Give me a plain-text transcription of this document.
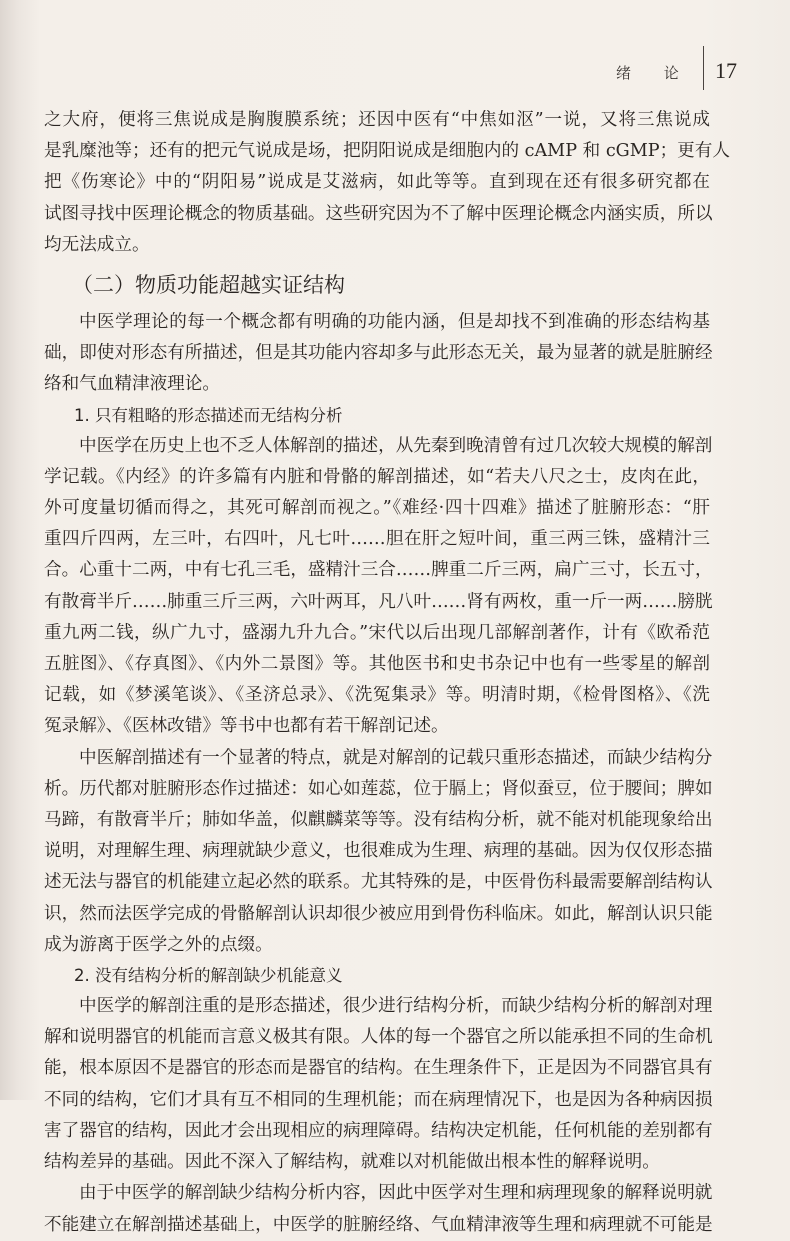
绪 论 17

之大府，便将三焦说成是胸腹膜系统；还因中医有“中焦如沤”一说，又将三焦说成
是乳糜池等；还有的把元气说成是场，把阴阳说成是细胞内的 cAMP 和 cGMP；更有人
把《伤寒论》中的“阴阳易”说成是艾滋病，如此等等。直到现在还有很多研究都在
试图寻找中医理论概念的物质基础。这些研究因为不了解中医理论概念内涵实质，所以
均无法成立。

（二）物质功能超越实证结构

中医学理论的每一个概念都有明确的功能内涵，但是却找不到准确的形态结构基
础，即使对形态有所描述，但是其功能内容却多与此形态无关，最为显著的就是脏腑经
络和气血精津液理论。

1. 只有粗略的形态描述而无结构分析

中医学在历史上也不乏人体解剖的描述，从先秦到晚清曾有过几次较大规模的解剖
学记载。《内经》的许多篇有内脏和骨骼的解剖描述，如“若夫八尺之士，皮肉在此，
外可度量切循而得之，其死可解剖而视之。”《难经·四十四难》描述了脏腑形态：“肝
重四斤四两，左三叶，右四叶，凡七叶……胆在肝之短叶间，重三两三铢，盛精汁三
合。心重十二两，中有七孔三毛，盛精汁三合……脾重二斤三两，扁广三寸，长五寸，
有散膏半斤……肺重三斤三两，六叶两耳，凡八叶……肾有两枚，重一斤一两……膀胱
重九两二钱，纵广九寸，盛溺九升九合。”宋代以后出现几部解剖著作，计有《欧希范
五脏图》、《存真图》、《内外二景图》等。其他医书和史书杂记中也有一些零星的解剖
记载，如《梦溪笔谈》、《圣济总录》、《洗冤集录》等。明清时期，《检骨图格》、《洗
冤录解》、《医林改错》等书中也都有若干解剖记述。

中医解剖描述有一个显著的特点，就是对解剖的记载只重形态描述，而缺少结构分
析。历代都对脏腑形态作过描述：如心如莲蕊，位于膈上；肾似蚕豆，位于腰间；脾如
马蹄，有散膏半斤；肺如华盖，似麒麟菜等等。没有结构分析，就不能对机能现象给出
说明，对理解生理、病理就缺少意义，也很难成为生理、病理的基础。因为仅仅形态描
述无法与器官的机能建立起必然的联系。尤其特殊的是，中医骨伤科最需要解剖结构认
识，然而法医学完成的骨骼解剖认识却很少被应用到骨伤科临床。如此，解剖认识只能
成为游离于医学之外的点缀。

2. 没有结构分析的解剖缺少机能意义

中医学的解剖注重的是形态描述，很少进行结构分析，而缺少结构分析的解剖对理
解和说明器官的机能而言意义极其有限。人体的每一个器官之所以能承担不同的生命机
能，根本原因不是器官的形态而是器官的结构。在生理条件下，正是因为不同器官具有
不同的结构，它们才具有互不相同的生理机能；而在病理情况下，也是因为各种病因损
害了器官的结构，因此才会出现相应的病理障碍。结构决定机能，任何机能的差别都有
结构差异的基础。因此不深入了解结构，就难以对机能做出根本性的解释说明。

由于中医学的解剖缺少结构分析内容，因此中医学对生理和病理现象的解释说明就
不能建立在解剖描述基础上，中医学的脏腑经络、气血精津液等生理和病理就不可能是
